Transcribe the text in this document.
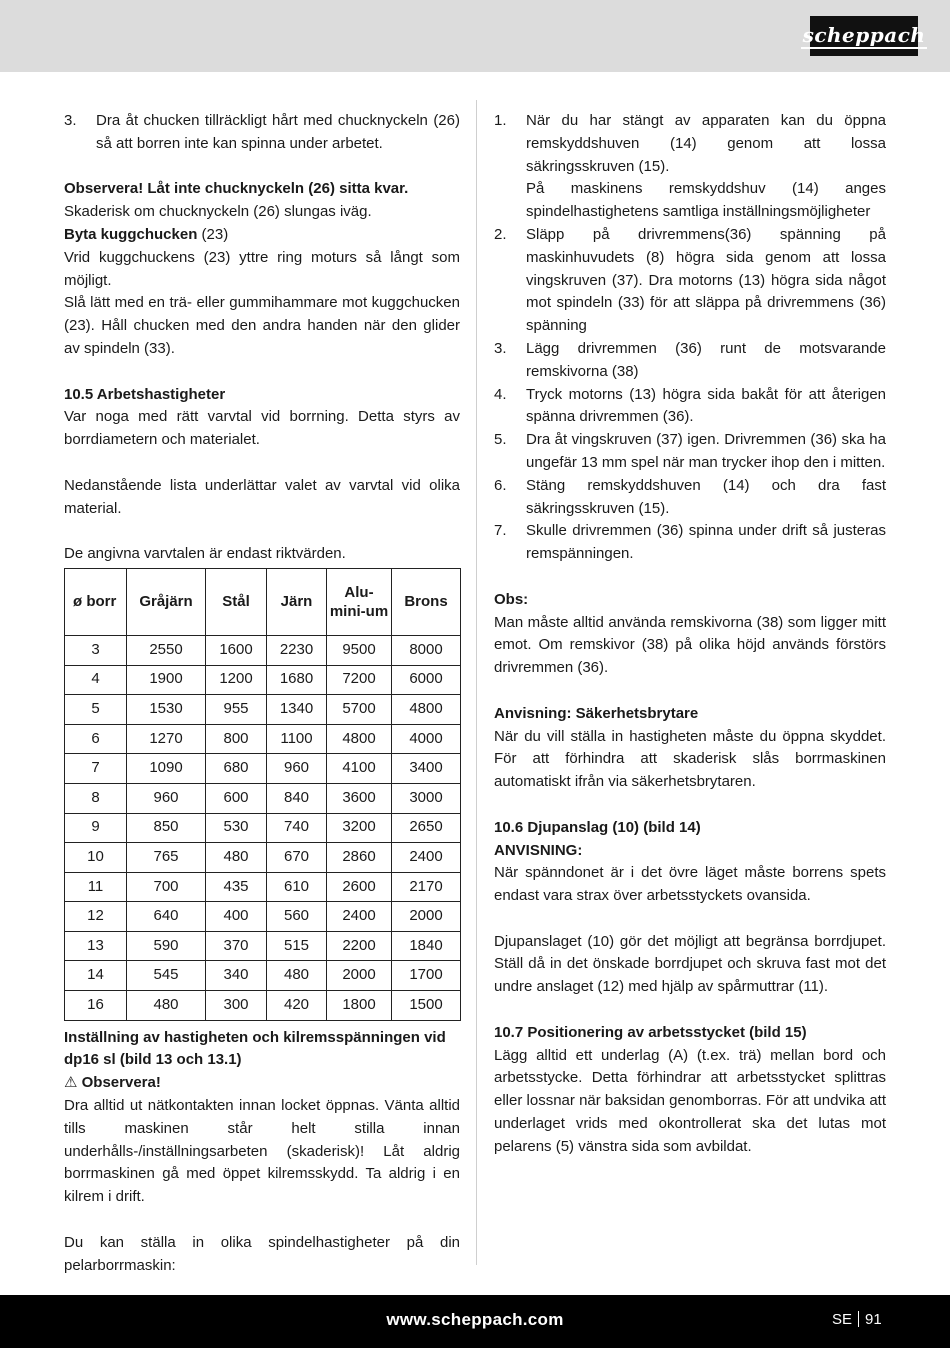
scheppach
3.	Dra åt chucken tillräckligt hårt med chucknyckeln (26) så att borren inte kan spinna under arbetet.

Observera! Låt inte chucknyckeln (26) sitta kvar.

Skaderisk om chucknyckeln (26) slungas iväg.

Byta kuggchucken (23)

Vrid kuggchuckens (23) yttre ring moturs så långt som möjligt.

Slå lätt med en trä- eller gummihammare mot kuggchucken (23). Håll chucken med den andra handen när den glider av spindeln (33).

10.5 Arbetshastigheter

Var noga med rätt varvtal vid borrning. Detta styrs av borrdiametern och materialet.

Nedanstående lista underlättar valet av varvtal vid olika material.

De angivna varvtalen är endast riktvärden.

ø borr	Gråjärn	Stål	Järn	Alu-mini-um	Brons
3	2550	1600	2230	9500	8000
4	1900	1200	1680	7200	6000
5	1530	955	1340	5700	4800
6	1270	800	1100	4800	4000
7	1090	680	960	4100	3400
8	960	600	840	3600	3000
9	850	530	740	3200	2650
10	765	480	670	2860	2400
11	700	435	610	2600	2170
12	640	400	560	2400	2000
13	590	370	515	2200	1840
14	545	340	480	2000	1700
16	480	300	420	1800	1500

Inställning av hastigheten och kilremsspänningen vid dp16 sl (bild 13 och 13.1)

⚠ Observera!

Dra alltid ut nätkontakten innan locket öppnas. Vänta alltid tills maskinen står helt stilla innan underhålls-/inställningsarbeten (skaderisk)! Låt aldrig borrmaskinen gå med öppet kilremsskydd. Ta aldrig i en kilrem i drift.

Du kan ställa in olika spindelhastigheter på din pelarborrmaskin:

1.	När du har stängt av apparaten kan du öppna remskyddshuven (14) genom att lossa säkringsskruven (15).
På maskinens remskyddshuv (14) anges spindelhastighetens samtliga inställningsmöjligheter
2.	Släpp på drivremmens(36) spänning på maskinhuvudets (8) högra sida genom att lossa vingskruven (37). Dra motorns (13) högra sida något mot spindeln (33) för att släppa på drivremmens (36) spänning
3.	Lägg drivremmen (36) runt de motsvarande remskivorna (38)
4.	Tryck motorns (13) högra sida bakåt för att återigen spänna drivremmen (36).
5.	Dra åt vingskruven (37) igen. Drivremmen (36) ska ha ungefär 13 mm spel när man trycker ihop den i mitten.
6.	Stäng remskyddshuven (14) och dra fast säkringsskruven (15).
7.	Skulle drivremmen (36) spinna under drift så justeras remspänningen.

Obs:

Man måste alltid använda remskivorna (38) som ligger mitt emot. Om remskivor (38) på olika höjd används förstörs drivremmen (36).

Anvisning: Säkerhetsbrytare

När du vill ställa in hastigheten måste du öppna skyddet. För att förhindra att skaderisk slås borrmaskinen automatiskt ifrån via säkerhetsbrytaren.

10.6 Djupanslag (10) (bild 14)

ANVISNING:

När spänndonet är i det övre läget måste borrens spets endast vara strax över arbetsstyckets ovansida.

Djupanslaget (10) gör det möjligt att begränsa borrdjupet. Ställ då in det önskade borrdjupet och skruva fast mot det undre anslaget (12) med hjälp av spårmuttrar (11).

10.7 Positionering av arbetsstycket (bild 15)

Lägg alltid ett underlag (A) (t.ex. trä) mellan bord och arbetsstycke. Detta förhindrar att arbetsstycket splittras eller lossnar när baksidan genomborras. För att undvika att underlaget vrids med okontrollerat ska det lutas mot pelarens (5) vänstra sida som avbildat.

www.scheppach.com	SE 91
